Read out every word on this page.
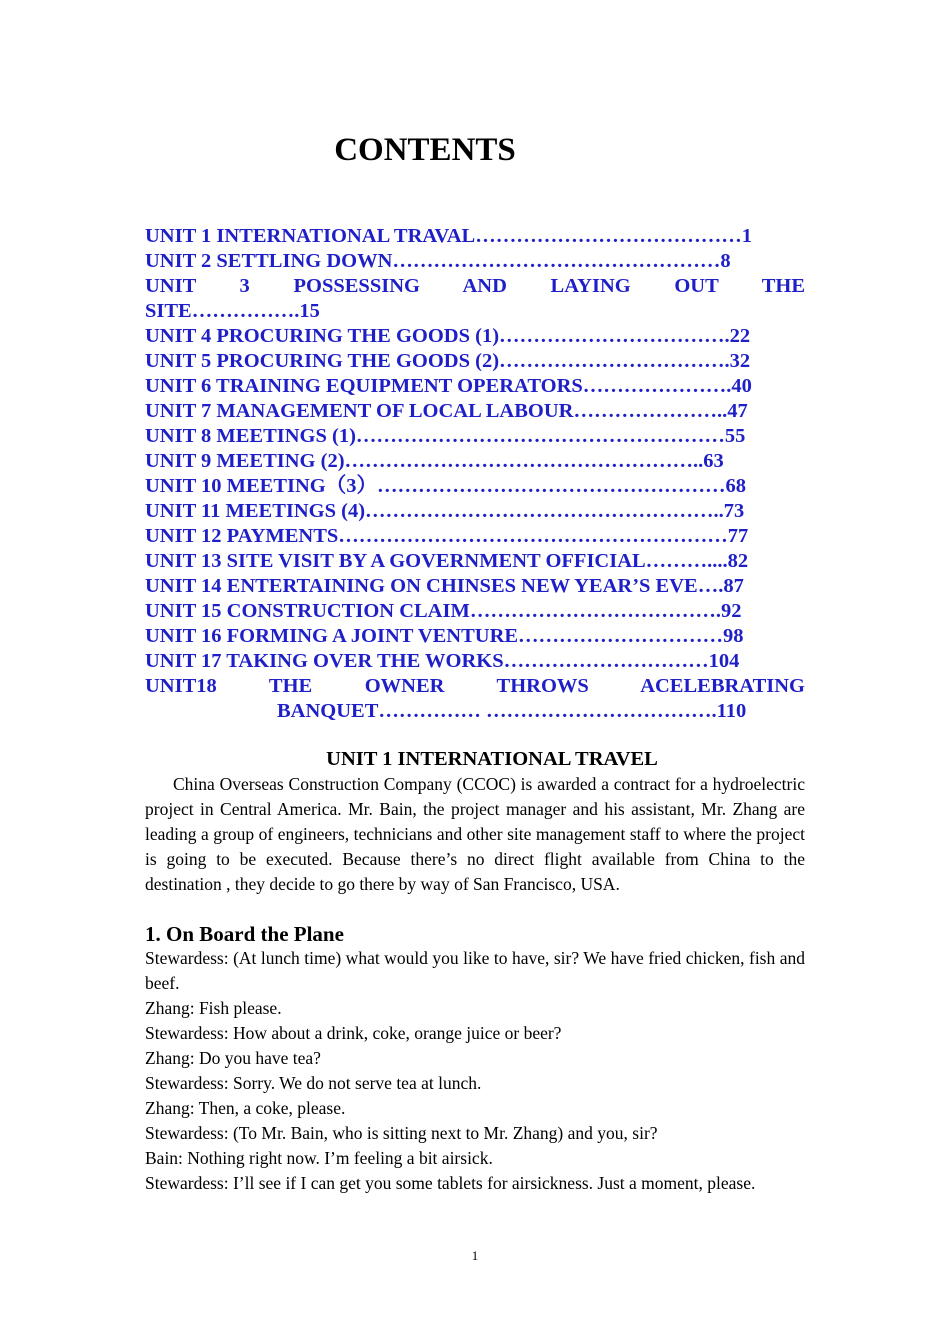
CONTENTS
UNIT 1 INTERNATIONAL TRAVAL…………………………………1
UNIT 2 SETTLING DOWN…………………………………………8
UNIT 3 POSSESSING AND LAYING OUT THE
SITE…………….15
UNIT 4 PROCURING THE GOODS (1)…………………………….22
UNIT 5 PROCURING THE GOODS (2)…………………………….32
UNIT 6 TRAINING EQUIPMENT OPERATORS………………….40
UNIT 7 MANAGEMENT OF LOCAL LABOUR…………………..47
UNIT 8 MEETINGS (1)………………………………………………55
UNIT 9 MEETING (2)……………………………………………..63
UNIT 10 MEETING（3）……………………………………………68
UNIT 11 MEETINGS (4)……………………………………………..73
UNIT 12 PAYMENTS…………………………………………………77
UNIT 13 SITE VISIT BY A GOVERNMENT OFFICIAL………....82
UNIT 14 ENTERTAINING ON CHINSES NEW YEAR’S EVE….87
UNIT 15 CONSTRUCTION CLAIM……………………………….92
UNIT 16 FORMING A JOINT VENTURE…………………………98
UNIT 17 TAKING OVER THE WORKS…………………………104
UNIT18 THE OWNER THROWS ACELEBRATING
BANQUET…………… …………………………….110
UNIT 1 INTERNATIONAL TRAVEL

China Overseas Construction Company (CCOC) is awarded a contract for a hydroelectric project in Central America. Mr. Bain, the project manager and his assistant, Mr. Zhang are leading a group of engineers, technicians and other site management staff to where the project is going to be executed. Because there’s no direct flight available from China to the destination , they decide to go there by way of San Francisco, USA.

1. On Board the Plane
Stewardess: (At lunch time) what would you like to have, sir? We have fried chicken, fish and beef.
Zhang: Fish please.
Stewardess: How about a drink, coke, orange juice or beer?
Zhang: Do you have tea?
Stewardess: Sorry. We do not serve tea at lunch.
Zhang: Then, a coke, please.
Stewardess: (To Mr. Bain, who is sitting next to Mr. Zhang) and you, sir?
Bain: Nothing right now. I’m feeling a bit airsick.
Stewardess: I’ll see if I can get you some tablets for airsickness. Just a moment, please.
1
